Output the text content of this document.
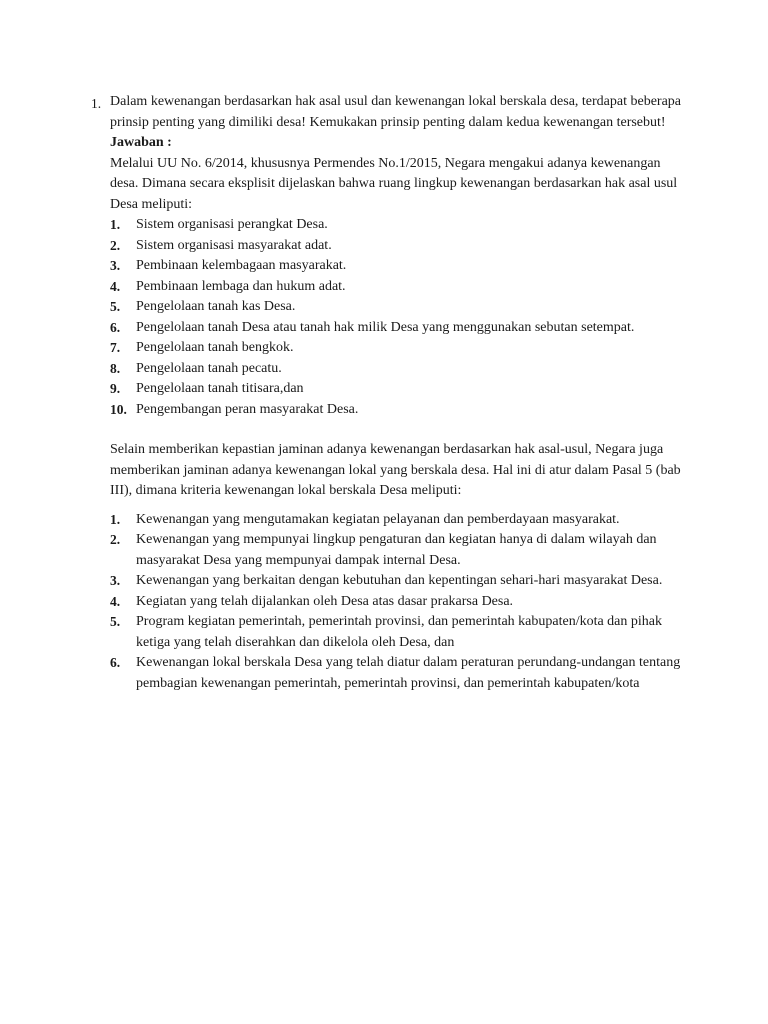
1. Dalam kewenangan berdasarkan hak asal usul dan kewenangan lokal berskala desa, terdapat beberapa prinsip penting yang dimiliki desa! Kemukakan prinsip penting dalam kedua kewenangan tersebut!

Jawaban :

Melalui UU No. 6/2014, khususnya Permendes No.1/2015, Negara mengakui adanya kewenangan desa. Dimana secara eksplisit dijelaskan bahwa ruang lingkup kewenangan berdasarkan hak asal usul Desa meliputi:

1.	Sistem organisasi perangkat Desa.
2.	Sistem organisasi masyarakat adat.
3.	Pembinaan kelembagaan masyarakat.
4.	Pembinaan lembaga dan hukum adat.
5.	Pengelolaan tanah kas Desa.
6.	Pengelolaan tanah Desa atau tanah hak milik Desa yang menggunakan sebutan setempat.
7.	Pengelolaan tanah bengkok.
8.	Pengelolaan tanah pecatu.
9.	Pengelolaan tanah titisara,dan
10. Pengembangan peran masyarakat Desa.

Selain memberikan kepastian jaminan adanya kewenangan berdasarkan hak asal-usul, Negara juga memberikan jaminan adanya kewenangan lokal yang berskala desa. Hal ini di atur dalam Pasal 5 (bab III), dimana kriteria kewenangan lokal berskala Desa meliputi:

1.	Kewenangan yang mengutamakan kegiatan pelayanan dan pemberdayaan masyarakat.
2.	Kewenangan yang mempunyai lingkup pengaturan dan kegiatan hanya di dalam wilayah dan masyarakat Desa yang mempunyai dampak internal Desa.
3.	Kewenangan yang berkaitan dengan kebutuhan dan kepentingan sehari-hari masyarakat Desa.
4.	Kegiatan yang telah dijalankan oleh Desa atas dasar prakarsa Desa.
5.	Program kegiatan pemerintah, pemerintah provinsi, dan pemerintah kabupaten/kota dan pihak ketiga yang telah diserahkan dan dikelola oleh Desa, dan
6.	Kewenangan lokal berskala Desa yang telah diatur dalam peraturan perundang-undangan tentang pembagian kewenangan pemerintah, pemerintah provinsi, dan pemerintah kabupaten/kota
